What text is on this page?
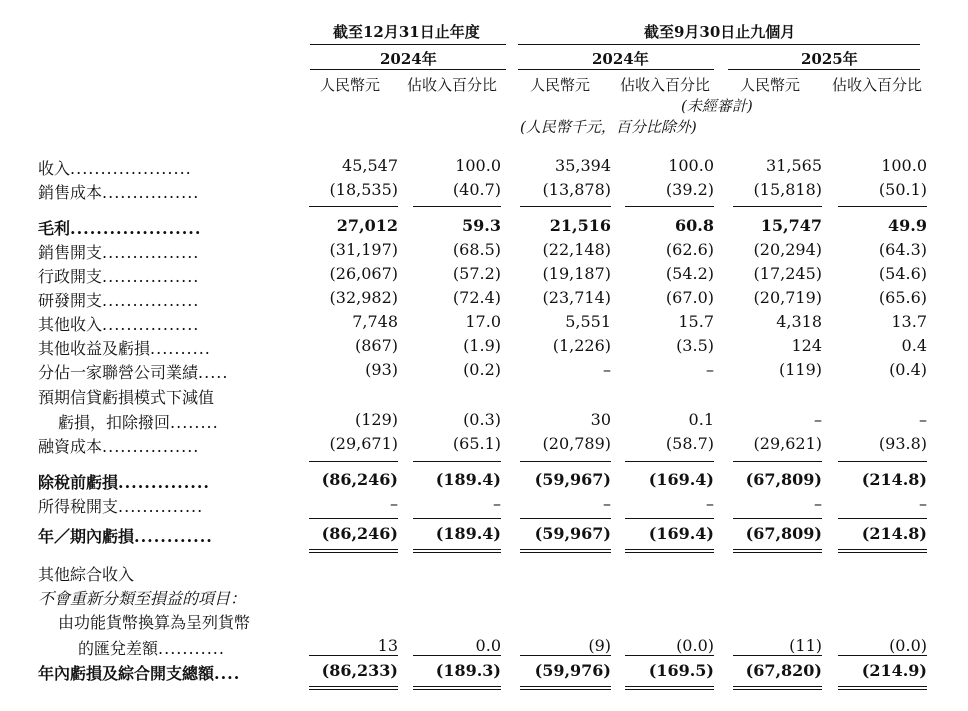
截至12月31日止年度	截至9月30日止九個月
2024年	2024年	2025年
人民幣元 佔收入百分比 人民幣元 佔收入百分比 人民幣元 佔收入百分比
(未經審計)
(人民幣千元，百分比除外)
收入....................	45,547	100.0	35,394	100.0	31,565	100.0
銷售成本................	(18,535)	(40.7)	(13,878)	(39.2) (15,818)	(50.1)
毛利....................	27,012	59.3	21,516	60.8	15,747	49.9
銷售開支................	(31,197)	(68.5)	(22,148)	(62.6) (20,294)	(64.3)
行政開支................	(26,067)	(57.2)	(19,187)	(54.2) (17,245)	(54.6)
研發開支................	(32,982)	(72.4)	(23,714)	(67.0) (20,719)	(65.6)
其他收入................	7,748	17.0	5,551	15.7	4,318	13.7
其他收益及虧損..........	(867)	(1.9)	(1,226)	(3.5)	124	0.4
分佔一家聯營公司業績.....	(93)	(0.2)	–	–	(119)	(0.4)
預期信貸虧損模式下減值
虧損，扣除撥回........	(129)	(0.3)	30	0.1	–	–
融資成本................	(29,671)	(65.1)	(20,789)	(58.7) (29,621)	(93.8)
除稅前虧損..............	(86,246) (189.4) (59,967) (169.4) (67,809) (214.8)
所得稅開支..............	–	–	–	–	–	–
年／期內虧損............	(86,246) (189.4) (59,967) (169.4) (67,809) (214.8)
其他綜合收入
不會重新分類至損益的項目：
由功能貨幣換算為呈列貨幣
的匯兌差額...........	13	0.0	(9)	(0.0)	(11)	(0.0)
年內虧損及綜合開支總額....	(86,233) (189.3) (59,976) (169.5) (67,820) (214.9)
